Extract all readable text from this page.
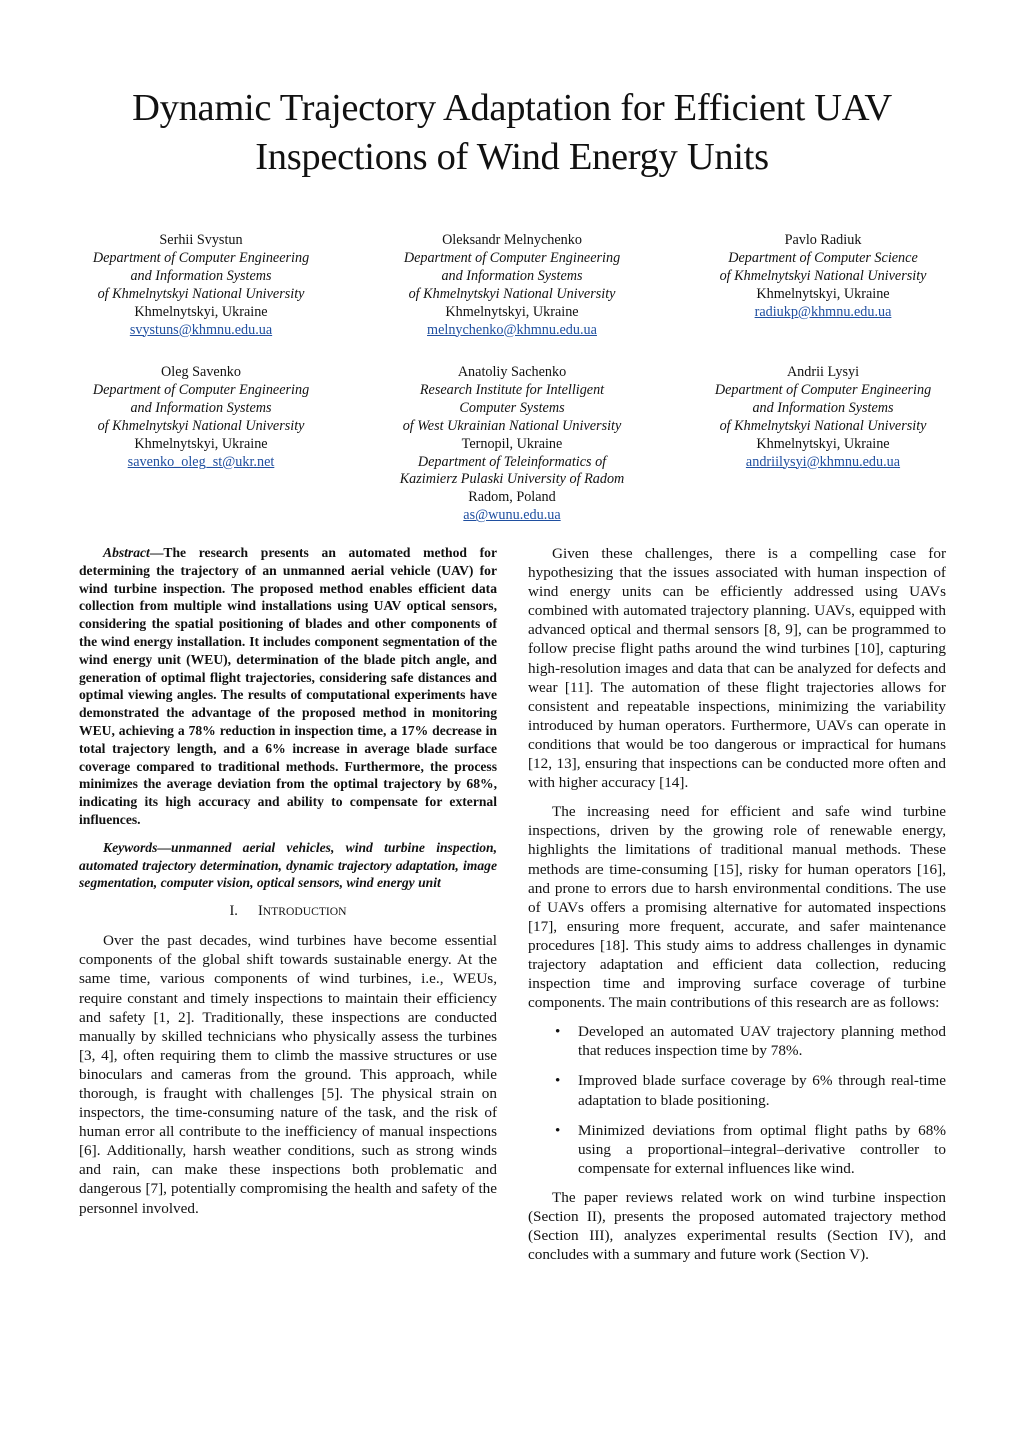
Dynamic Trajectory Adaptation for Efficient UAV
Inspections of Wind Energy Units
Serhii Svystun
Department of Computer Engineering
and Information Systems
of Khmelnytskyi National University
Khmelnytskyi, Ukraine
svystuns@khmnu.edu.ua
Oleksandr Melnychenko
Department of Computer Engineering
and Information Systems
of Khmelnytskyi National University
Khmelnytskyi, Ukraine
melnychenko@khmnu.edu.ua
Pavlo Radiuk
Department of Computer Science
of Khmelnytskyi National University
Khmelnytskyi, Ukraine
radiukp@khmnu.edu.ua
Oleg Savenko
Department of Computer Engineering
and Information Systems
of Khmelnytskyi National University
Khmelnytskyi, Ukraine
savenko_oleg_st@ukr.net
Anatoliy Sachenko
Research Institute for Intelligent
Computer Systems
of West Ukrainian National University
Ternopil, Ukraine
Department of Teleinformatics of
Kazimierz Pulaski University of Radom
Radom, Poland
as@wunu.edu.ua
Andrii Lysyi
Department of Computer Engineering
and Information Systems
of Khmelnytskyi National University
Khmelnytskyi, Ukraine
andriilysyi@khmnu.edu.ua

Abstract—The research presents an automated method for determining the trajectory of an unmanned aerial vehicle (UAV) for wind turbine inspection. The proposed method enables efficient data collection from multiple wind installations using UAV optical sensors, considering the spatial positioning of blades and other components of the wind energy installation. It includes component segmentation of the wind energy unit (WEU), determination of the blade pitch angle, and generation of optimal flight trajectories, considering safe distances and optimal viewing angles. The results of computational experiments have demonstrated the advantage of the proposed method in monitoring WEU, achieving a 78% reduction in inspection time, a 17% decrease in total trajectory length, and a 6% increase in average blade surface coverage compared to traditional methods. Furthermore, the process minimizes the average deviation from the optimal trajectory by 68%, indicating its high accuracy and ability to compensate for external influences.

Keywords—unmanned aerial vehicles, wind turbine inspection, automated trajectory determination, dynamic trajectory adaptation, image segmentation, computer vision, optical sensors, wind energy unit

I. INTRODUCTION

Over the past decades, wind turbines have become essential components of the global shift towards sustainable energy. At the same time, various components of wind turbines, i.e., WEUs, require constant and timely inspections to maintain their efficiency and safety [1, 2]. Traditionally, these inspections are conducted manually by skilled technicians who physically assess the turbines [3, 4], often requiring them to climb the massive structures or use binoculars and cameras from the ground. This approach, while thorough, is fraught with challenges [5]. The physical strain on inspectors, the time-consuming nature of the task, and the risk of human error all contribute to the inefficiency of manual inspections [6]. Additionally, harsh weather conditions, such as strong winds and rain, can make these inspections both problematic and dangerous [7], potentially compromising the health and safety of the personnel involved.

Given these challenges, there is a compelling case for hypothesizing that the issues associated with human inspection of wind energy units can be efficiently addressed using UAVs combined with automated trajectory planning. UAVs, equipped with advanced optical and thermal sensors [8, 9], can be programmed to follow precise flight paths around the wind turbines [10], capturing high-resolution images and data that can be analyzed for defects and wear [11]. The automation of these flight trajectories allows for consistent and repeatable inspections, minimizing the variability introduced by human operators. Furthermore, UAVs can operate in conditions that would be too dangerous or impractical for humans [12, 13], ensuring that inspections can be conducted more often and with higher accuracy [14].

The increasing need for efficient and safe wind turbine inspections, driven by the growing role of renewable energy, highlights the limitations of traditional manual methods. These methods are time-consuming [15], risky for human operators [16], and prone to errors due to harsh environmental conditions. The use of UAVs offers a promising alternative for automated inspections [17], ensuring more frequent, accurate, and safer maintenance procedures [18]. This study aims to address challenges in dynamic trajectory adaptation and efficient data collection, reducing inspection time and improving surface coverage of turbine components. The main contributions of this research are as follows:

• Developed an automated UAV trajectory planning method that reduces inspection time by 78%.
• Improved blade surface coverage by 6% through real-time adaptation to blade positioning.
• Minimized deviations from optimal flight paths by 68% using a proportional–integral–derivative controller to compensate for external influences like wind.

The paper reviews related work on wind turbine inspection (Section II), presents the proposed automated trajectory method (Section III), analyzes experimental results (Section IV), and concludes with a summary and future work (Section V).
